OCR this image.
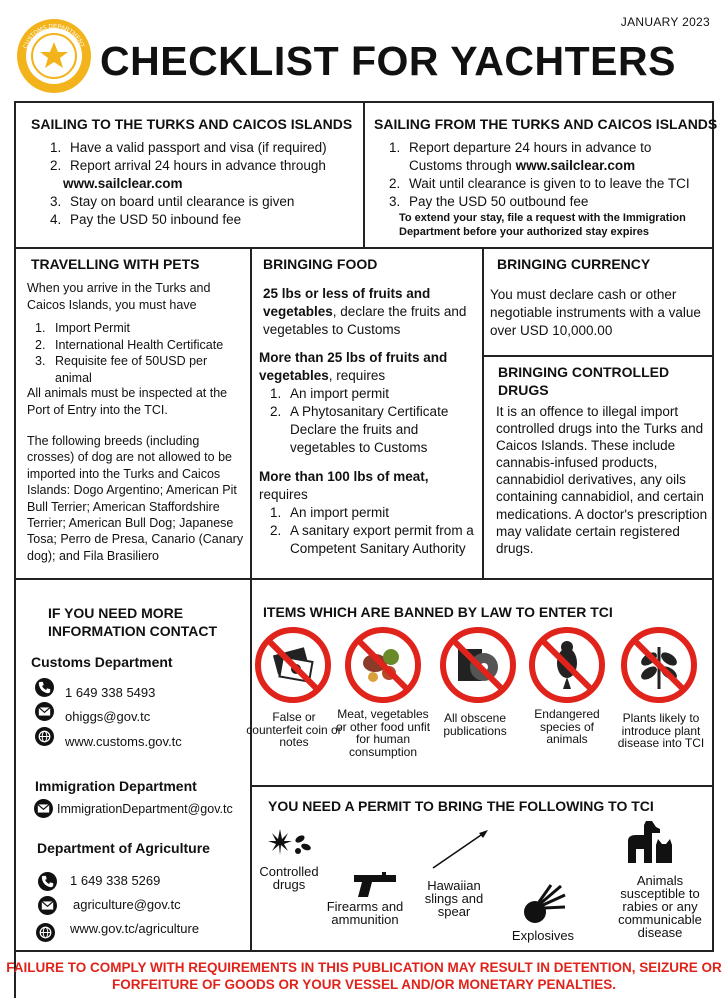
JANUARY 2023
CUSTOMS DEPARTMENT CHECKLIST FOR YACHTERS
SAILING TO THE TURKS AND CAICOS ISLANDS
1. Have a valid passport and visa (if required)
2. Report arrival 24 hours in advance through
www.sailclear.com
3. Stay on board until clearance is given
4. Pay the USD 50 inbound fee
SAILING FROM THE TURKS AND CAICOS ISLANDS
1. Report departure 24 hours in advance to Customs through www.sailclear.com
2. Wait until clearance is given to to leave the TCI
3. Pay the USD 50 outbound fee
To extend your stay, file a request with the Immigration Department before your authorized stay expires
TRAVELLING WITH PETS
When you arrive in the Turks and Caicos Islands, you must have
1. Import Permit
2. International Health Certificate
3. Requisite fee of 50USD per animal
All animals must be inspected at the Port of Entry into the TCI.
The following breeds (including crosses) of dog are not allowed to be imported into the Turks and Caicos Islands: Dogo Argentino; American Pit Bull Terrier; American Staffordshire Terrier; American Bull Dog; Japanese Tosa; Perro de Presa, Canario (Canary dog); and Fila Brasiliero
BRINGING FOOD
25 lbs or less of fruits and vegetables, declare the fruits and vegetables to Customs
More than 25 lbs of fruits and vegetables, requires
1. An import permit
2. A Phytosanitary Certificate Declare the fruits and vegetables to Customs
More than 100 lbs of meat, requires
1. An import permit
2. A sanitary export permit from a Competent Sanitary Authority
BRINGING CURRENCY
You must declare cash or other negotiable instruments with a value over USD 10,000.00
BRINGING CONTROLLED DRUGS
It is an offence to illegal import controlled drugs into the Turks and Caicos Islands. These include cannabis-infused products, cannabidiol derivatives, any oils containing cannabidiol, and certain medications. A doctor's prescription may validate certain registered drugs.
IF YOU NEED MORE INFORMATION CONTACT
Customs Department
1 649 338 5493
ohiggs@gov.tc
www.customs.gov.tc
Immigration Department
ImmigrationDepartment@gov.tc
Department of Agriculture
1 649 338 5269
agriculture@gov.tc
www.gov.tc/agriculture
ITEMS WHICH ARE BANNED BY LAW TO ENTER TCI
False or counterfeit coin or notes
Meat, vegetables or other food unfit for human consumption
All obscene publications
Endangered species of animals
Plants likely to introduce plant disease into TCI
YOU NEED A PERMIT TO BRING THE FOLLOWING TO TCI
Controlled drugs
Firearms and ammunition
Hawaiian slings and spear
Explosives
Animals susceptible to rabies or any communicable disease
FAILURE TO COMPLY WITH REQUIREMENTS IN THIS PUBLICATION MAY RESULT IN DETENTION, SEIZURE OR FORFEITURE OF GOODS OR YOUR VESSEL AND/OR MONETARY PENALTIES.
